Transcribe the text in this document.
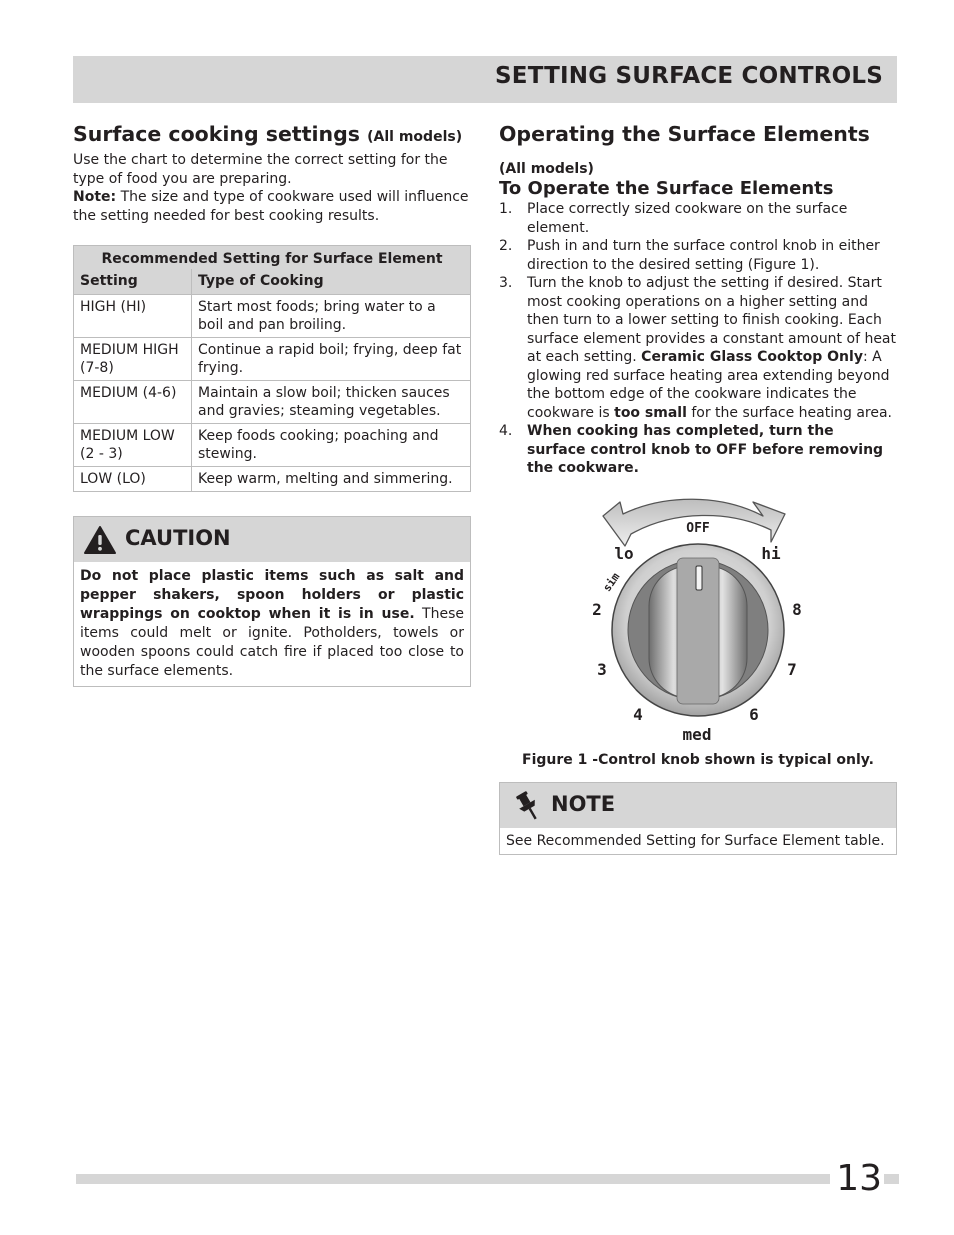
SETTING SURFACE CONTROLS
Surface cooking settings (All models)

Use the chart to determine the correct setting for the type of food you are preparing.
Note: The size and type of cookware used will influence the setting needed for best cooking results.

Recommended Setting for Surface Element	
Setting	Type of Cooking
HIGH (HI)	Start most foods; bring water to a boil and pan broiling.
MEDIUM HIGH (7-8)	Continue a rapid boil; frying, deep fat frying.
MEDIUM (4-6)	Maintain a slow boil; thicken sauces and gravies; steaming vegetables.
MEDIUM LOW (2 - 3)	Keep foods cooking; poaching and stewing.
LOW (LO)	Keep warm, melting and simmering.
CAUTION
Do not place plastic items such as salt and pepper shakers, spoon holders or plastic wrappings on cooktop when it is in use. These items could melt or ignite. Potholders, towels or wooden spoons could catch fire if placed too close to the surface elements.
Operating the Surface Elements
(All models)
To Operate the Surface Elements
1. Place correctly sized cookware on the surface element.
2. Push in and turn the surface control knob in either direction to the desired setting (Figure 1).
3. Turn the knob to adjust the setting if desired. Start most cooking operations on a higher setting and then turn to a lower setting to finish cooking. Each surface element provides a constant amount of heat at each setting. Ceramic Glass Cooktop Only: A glowing red surface heating area extending beyond the bottom edge of the cookware indicates the cookware is too small for the surface heating area.
4. When cooking has completed, turn the surface control knob to OFF before removing the cookware.
OFF
lo	hi
sim
2	8
3	7
4	6
med
Figure 1 -Control knob shown is typical only.
NOTE
See Recommended Setting for Surface Element table.
13
